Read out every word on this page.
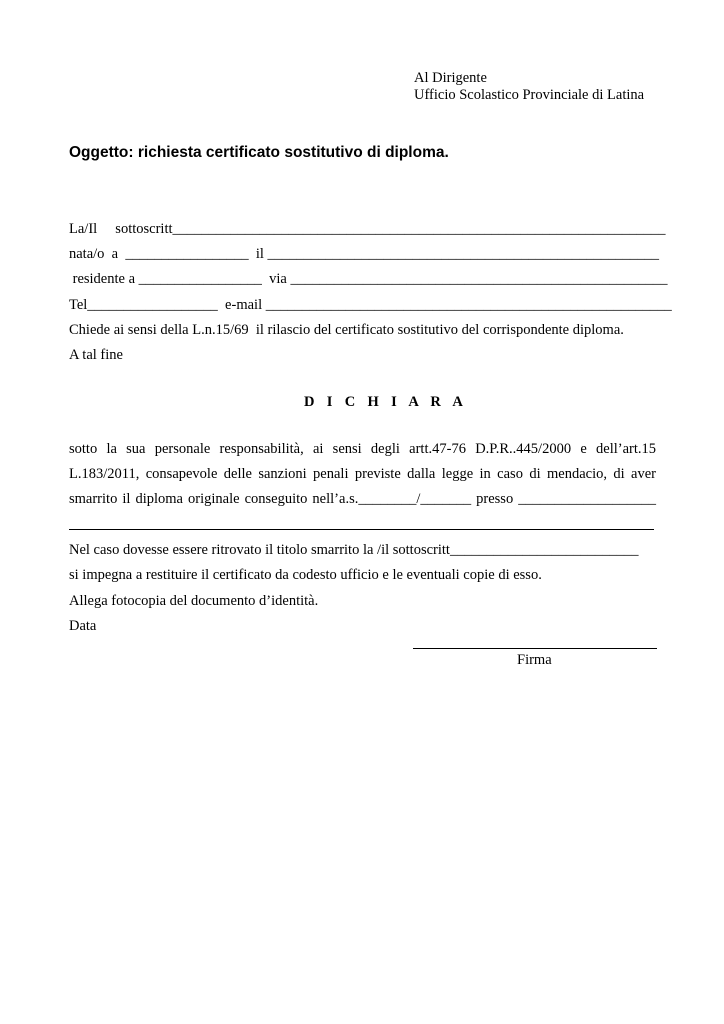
Al Dirigente
Ufficio Scolastico Provinciale di Latina
Oggetto: richiesta certificato sostitutivo di diploma.
La/Il     sottoscritt____________________________________________________________________
nata/o  a  _________________  il ______________________________________________________
residente a _________________  via ____________________________________________________
Tel__________________  e-mail ________________________________________________________
Chiede ai sensi della L.n.15/69  il rilascio del certificato sostitutivo del corrispondente diploma.
A tal fine
D I C H I A R A
sotto la sua personale responsabilità, ai sensi degli artt.47-76 D.P.R..445/2000 e dell’art.15
L.183/2011, consapevole delle sanzioni penali previste dalla legge in caso di mendacio, di aver
smarrito il diploma originale conseguito nell’a.s.________/_______ presso ___________________
Nel caso dovesse essere ritrovato il titolo smarrito la /il sottoscritt__________________________
si impegna a restituire il certificato da codesto ufficio e le eventuali copie di esso.
Allega fotocopia del documento d’identità.
Data
Firma
